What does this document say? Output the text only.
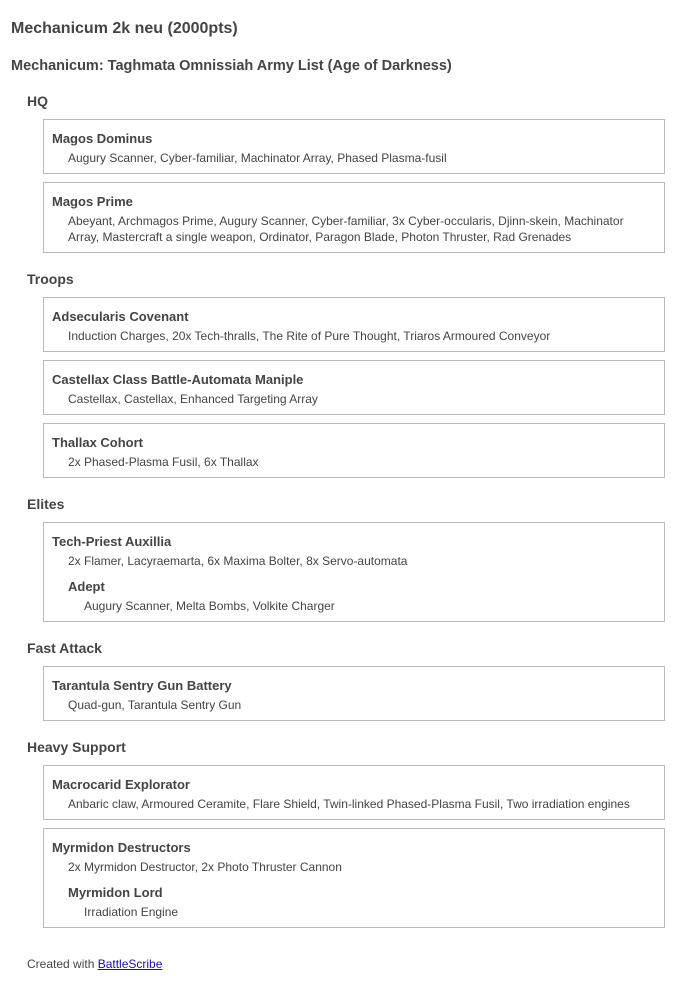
Mechanicum 2k neu (2000pts)
Mechanicum: Taghmata Omnissiah Army List (Age of Darkness)
HQ
Magos Dominus
Augury Scanner, Cyber-familiar, Machinator Array, Phased Plasma-fusil
Magos Prime
Abeyant, Archmagos Prime, Augury Scanner, Cyber-familiar, 3x Cyber-occularis, Djinn-skein, Machinator Array, Mastercraft a single weapon, Ordinator, Paragon Blade, Photon Thruster, Rad Grenades
Troops
Adsecularis Covenant
Induction Charges, 20x Tech-thralls, The Rite of Pure Thought, Triaros Armoured Conveyor
Castellax Class Battle-Automata Maniple
Castellax, Castellax, Enhanced Targeting Array
Thallax Cohort
2x Phased-Plasma Fusil, 6x Thallax
Elites
Tech-Priest Auxillia
2x Flamer, Lacyraemarta, 6x Maxima Bolter, 8x Servo-automata
Adept
Augury Scanner, Melta Bombs, Volkite Charger
Fast Attack
Tarantula Sentry Gun Battery
Quad-gun, Tarantula Sentry Gun
Heavy Support
Macrocarid Explorator
Anbaric claw, Armoured Ceramite, Flare Shield, Twin-linked Phased-Plasma Fusil, Two irradiation engines
Myrmidon Destructors
2x Myrmidon Destructor, 2x Photo Thruster Cannon
Myrmidon Lord
Irradiation Engine
Created with BattleScribe
